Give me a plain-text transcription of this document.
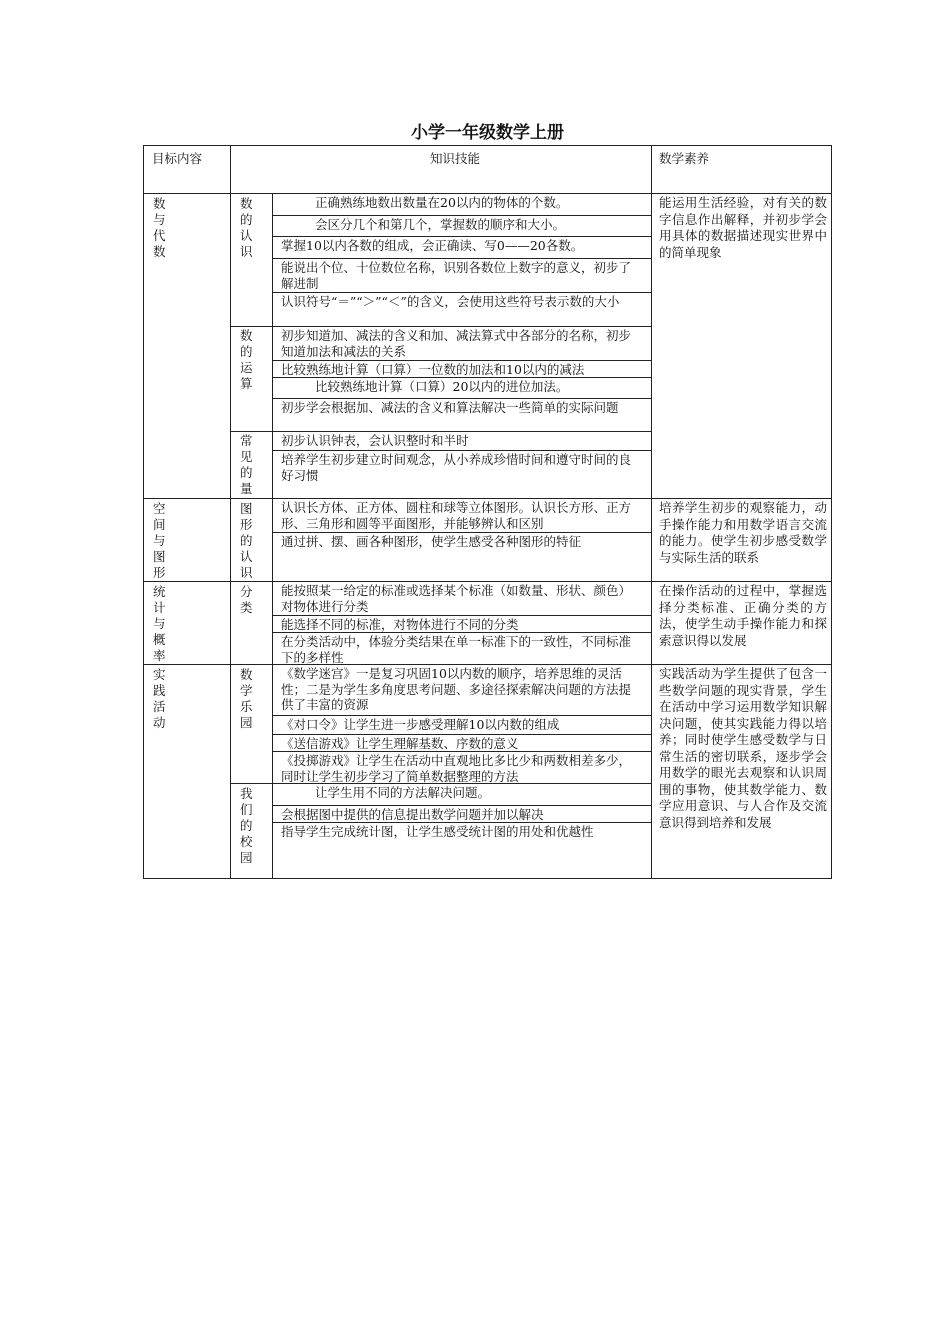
小学一年级数学上册
目标内容	知识技能	数学素养
数与代数
能运用生活经验，对有关的数字信息作出解释，并初步学会用具体的数据描述现实世界中的简单现象
数的认识
正确熟练地数出数量在20以内的物体的个数。
会区分几个和第几个，掌握数的顺序和大小。
掌握10以内各数的组成，会正确读、写0——20各数。
能说出个位、十位数位名称，识别各数位上数字的意义，初步了解进制
认识符号“＝”“＞”“＜”的含义，会使用这些符号表示数的大小
数的运算
初步知道加、减法的含义和加、减法算式中各部分的名称，初步知道加法和减法的关系
比较熟练地计算（口算）一位数的加法和10以内的减法
比较熟练地计算（口算）20以内的进位加法。
初步学会根据加、减法的含义和算法解决一些简单的实际问题
常见的量
初步认识钟表，会认识整时和半时
培养学生初步建立时间观念，从小养成珍惜时间和遵守时间的良好习惯
空间与图形
培养学生初步的观察能力，动手操作能力和用数学语言交流的能力。使学生初步感受数学与实际生活的联系
图形的认识
认识长方体、正方体、圆柱和球等立体图形。认识长方形、正方形、三角形和圆等平面图形，并能够辨认和区别
通过拼、摆、画各种图形，使学生感受各种图形的特征
统计与概率
在操作活动的过程中，掌握选择分类标准、正确分类的方法，使学生动手操作能力和探索意识得以发展
分类
能按照某一给定的标准或选择某个标准（如数量、形状、颜色）对物体进行分类
能选择不同的标准，对物体进行不同的分类
在分类活动中，体验分类结果在单一标准下的一致性，不同标准下的多样性
实践活动
实践活动为学生提供了包含一些数学问题的现实背景，学生在活动中学习运用数学知识解决问题，使其实践能力得以培养；同时使学生感受数学与日常生活的密切联系，逐步学会用数学的眼光去观察和认识周围的事物，使其数学能力、数学应用意识、与人合作及交流意识得到培养和发展
数学乐园
《数学迷宫》一是复习巩固10以内数的顺序，培养思维的灵活性；二是为学生多角度思考问题、多途径探索解决问题的方法提供了丰富的资源
《对口令》让学生进一步感受理解10以内数的组成
《送信游戏》让学生理解基数、序数的意义
《投掷游戏》让学生在活动中直观地比多比少和两数相差多少，同时让学生初步学习了简单数据整理的方法
我们的校园
让学生用不同的方法解决问题。
会根据图中提供的信息提出数学问题并加以解决
指导学生完成统计图，让学生感受统计图的用处和优越性
